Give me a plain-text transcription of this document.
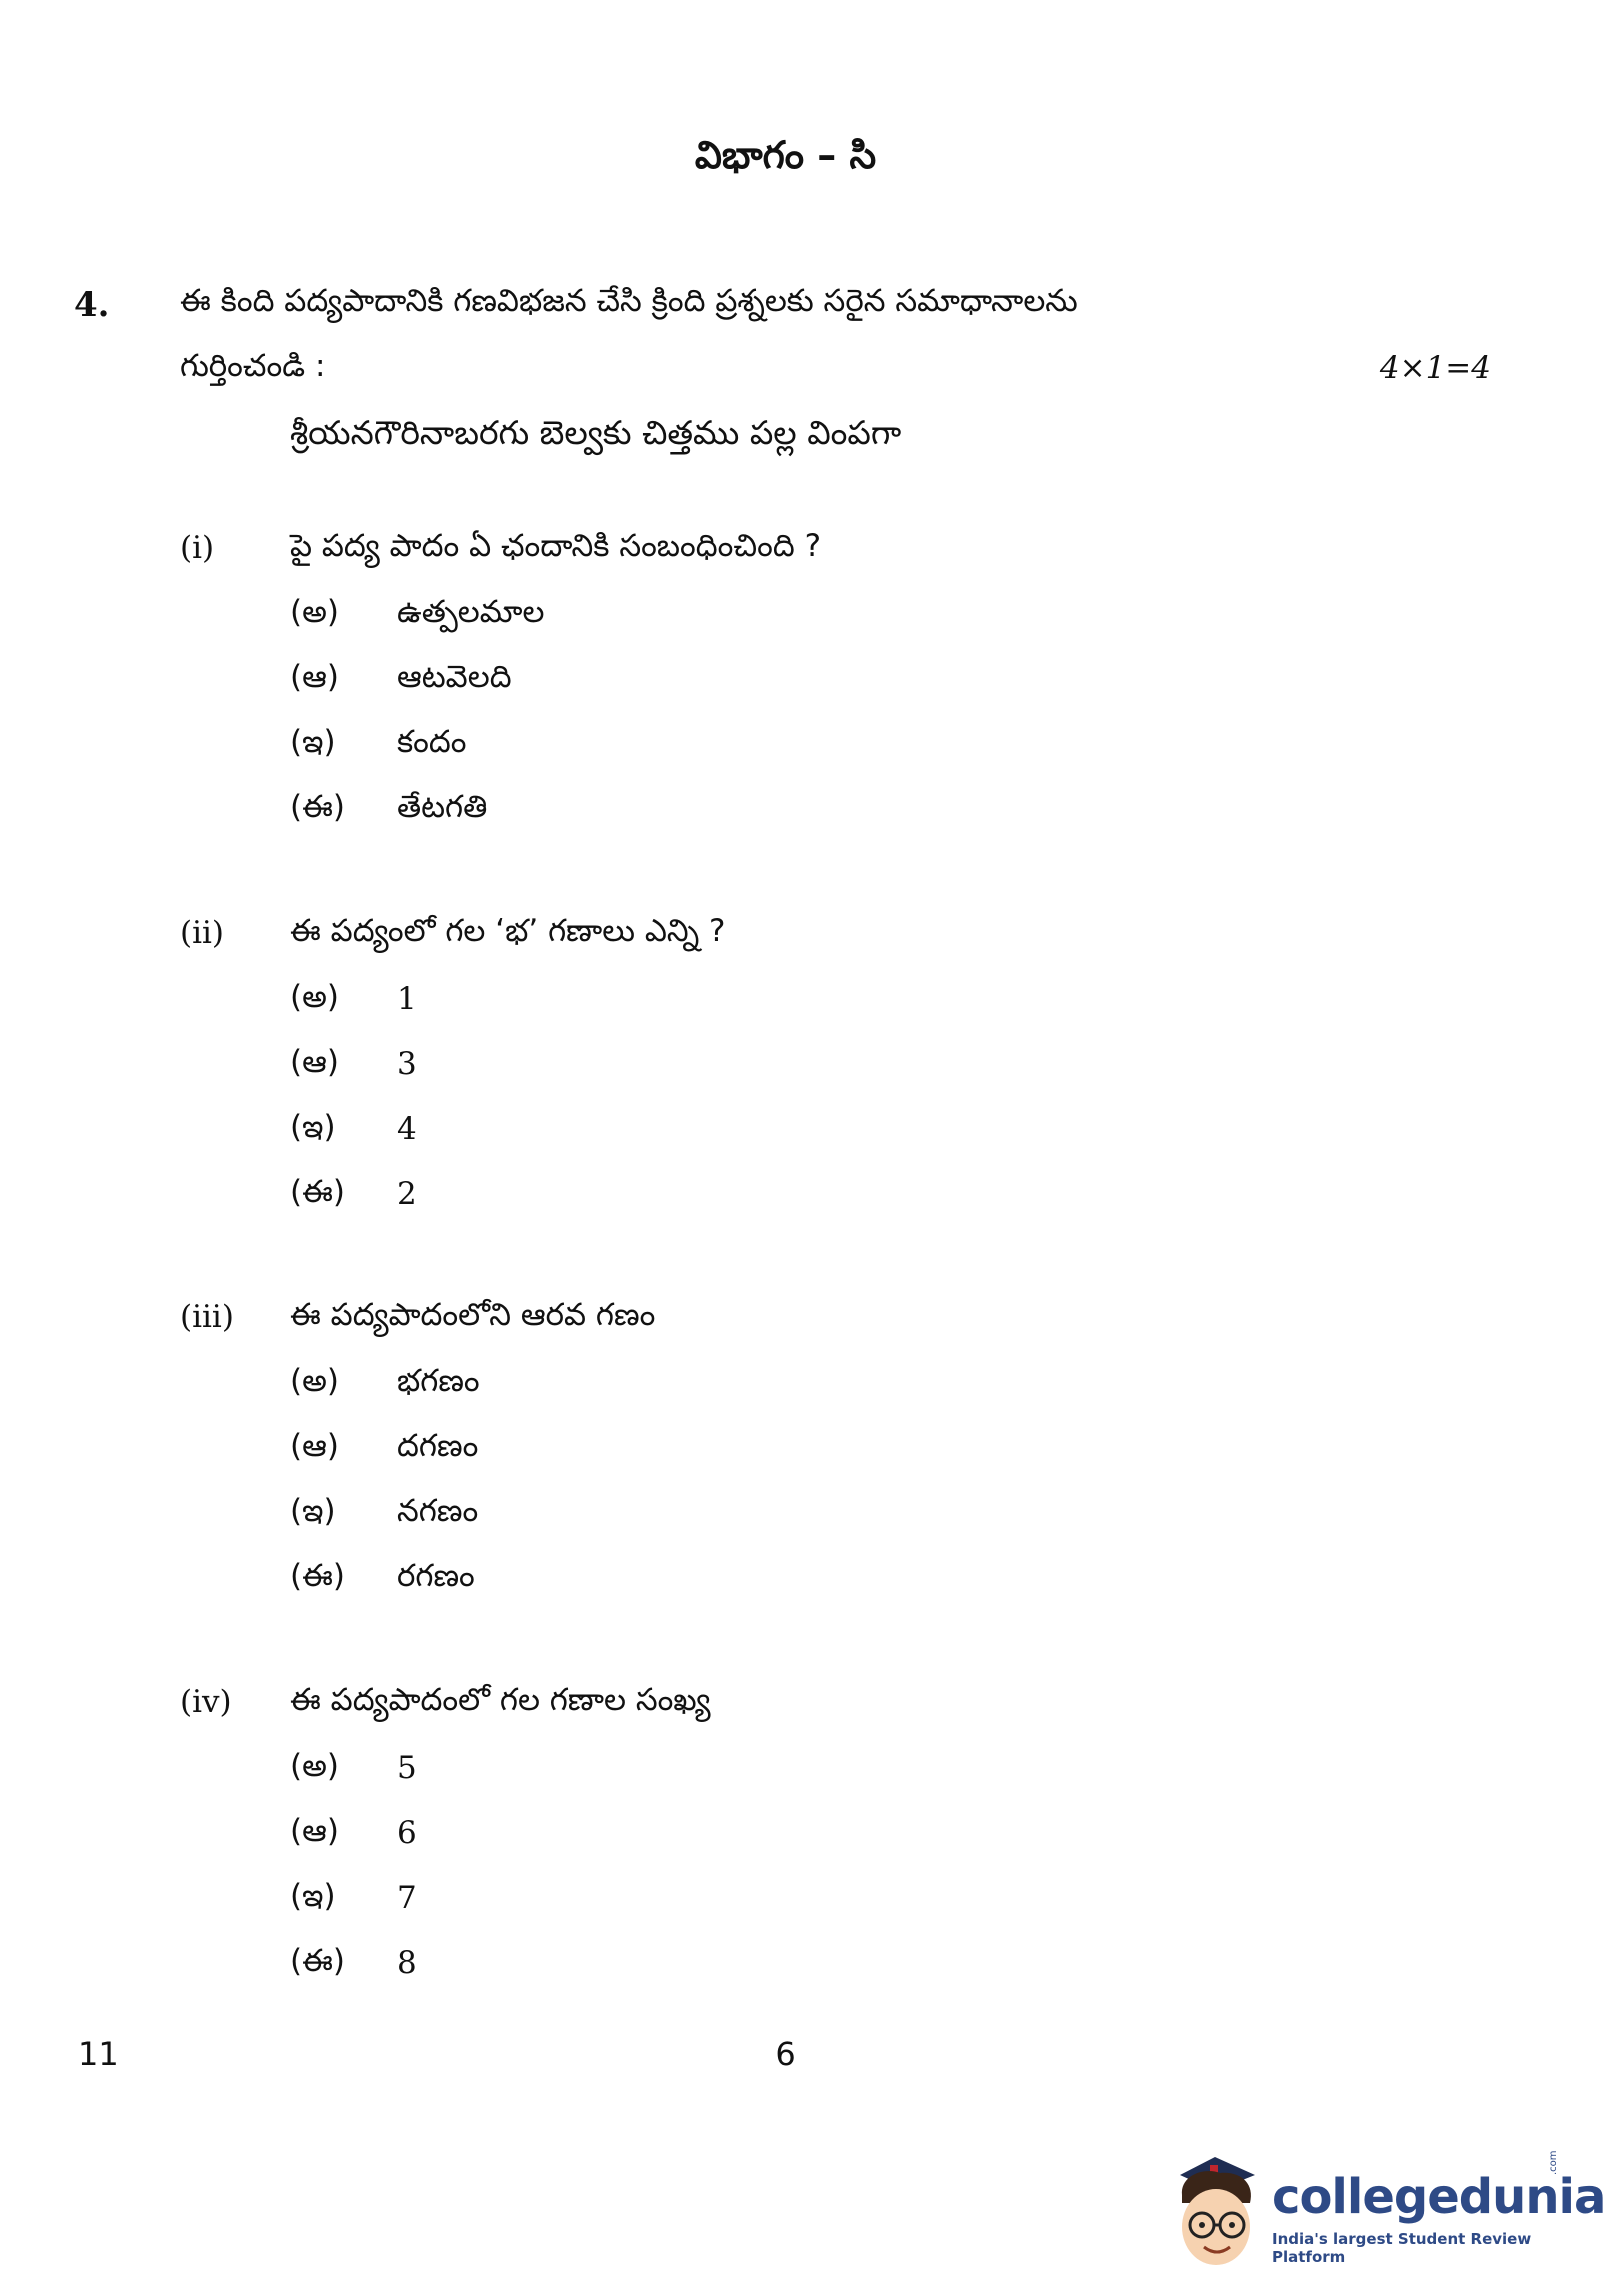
విభాగం – సి
4. ఈ కింది పద్యపాదానికి గణవిభజన చేసి క్రింది ప్రశ్నలకు సరైన సమాధానాలను
గుర్తించండి :	4×1=4
శ్రీయనగౌరినాబరగు బెల్వకు చిత్తము పల్ల వింపగా
(i) పై పద్య పాదం ఏ ఛందానికి సంబంధించింది ?
(అ) ఉత్పలమాల
(ఆ) ఆటవెలది
(ఇ) కందం
(ఈ) తేటగతి
(ii) ఈ పద్యంలో గల ‘భ’ గణాలు ఎన్ని ?
(అ) 1
(ఆ) 3
(ఇ) 4
(ఈ) 2
(iii) ఈ పద్యపాదంలోని ఆరవ గణం
(అ) భగణం
(ఆ) దగణం
(ఇ) నగణం
(ఈ) రగణం
(iv) ఈ పద్యపాదంలో గల గణాల సంఖ్య
(అ) 5
(ఆ) 6
(ఇ) 7
(ఈ) 8
11	6
collegedunia
.com
India's largest Student Review Platform
